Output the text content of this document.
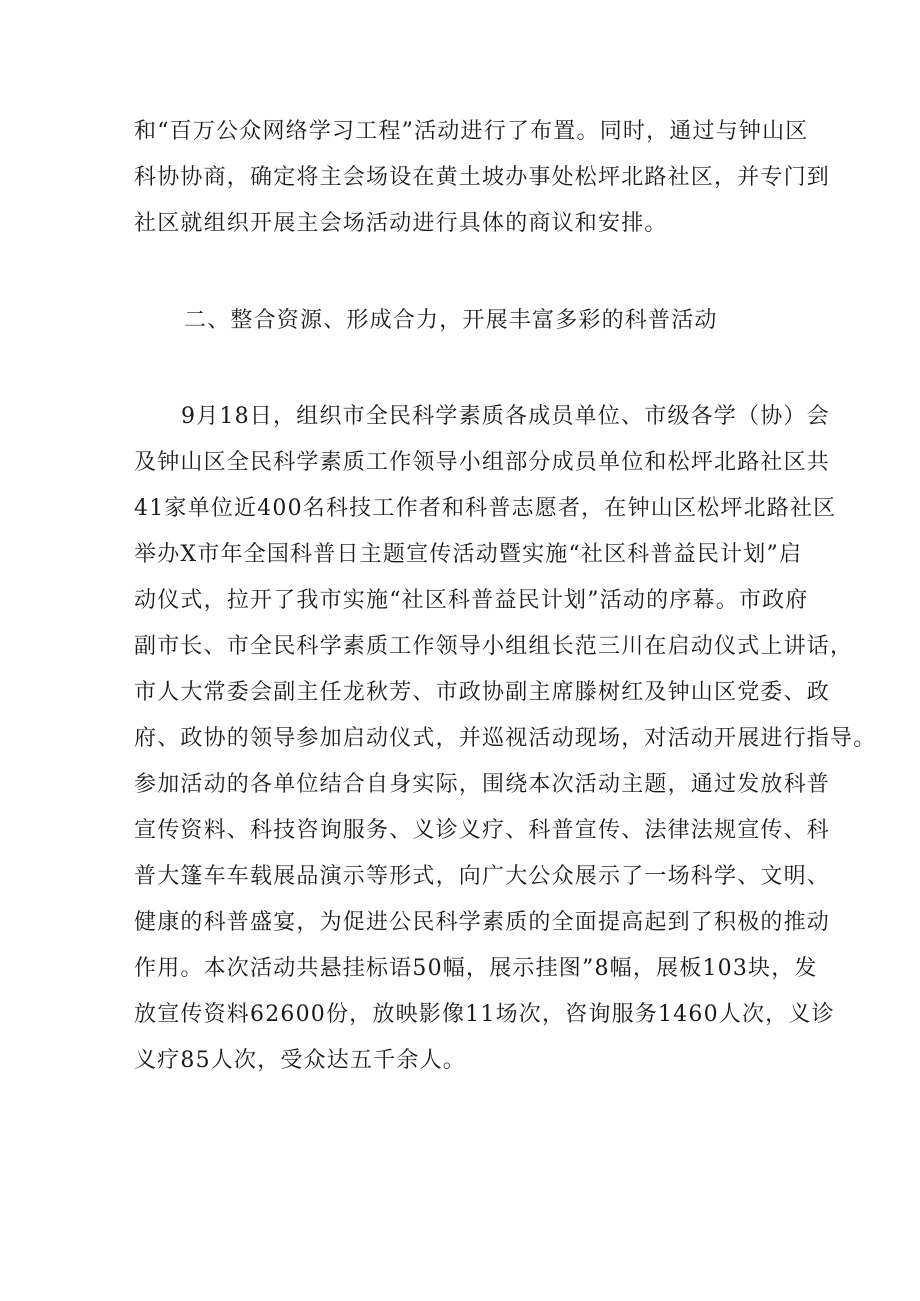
和“百万公众网络学习工程”活动进行了布置。同时，通过与钟山区
科协协商，确定将主会场设在黄土坡办事处松坪北路社区，并专门到
社区就组织开展主会场活动进行具体的商议和安排。
二、整合资源、形成合力，开展丰富多彩的科普活动
9月18日，组织市全民科学素质各成员单位、市级各学（协）会
及钟山区全民科学素质工作领导小组部分成员单位和松坪北路社区共
41家单位近400名科技工作者和科普志愿者，在钟山区松坪北路社区
举办X市年全国科普日主题宣传活动暨实施“社区科普益民计划”启
动仪式，拉开了我市实施“社区科普益民计划”活动的序幕。市政府
副市长、市全民科学素质工作领导小组组长范三川在启动仪式上讲话，
市人大常委会副主任龙秋芳、市政协副主席滕树红及钟山区党委、政
府、政协的领导参加启动仪式，并巡视活动现场，对活动开展进行指导。
参加活动的各单位结合自身实际，围绕本次活动主题，通过发放科普
宣传资料、科技咨询服务、义诊义疗、科普宣传、法律法规宣传、科
普大篷车车载展品演示等形式，向广大公众展示了一场科学、文明、
健康的科普盛宴，为促进公民科学素质的全面提高起到了积极的推动
作用。本次活动共悬挂标语50幅，展示挂图”8幅，展板103块，发
放宣传资料62600份，放映影像11场次，咨询服务1460人次，义诊
义疗85人次，受众达五千余人。
